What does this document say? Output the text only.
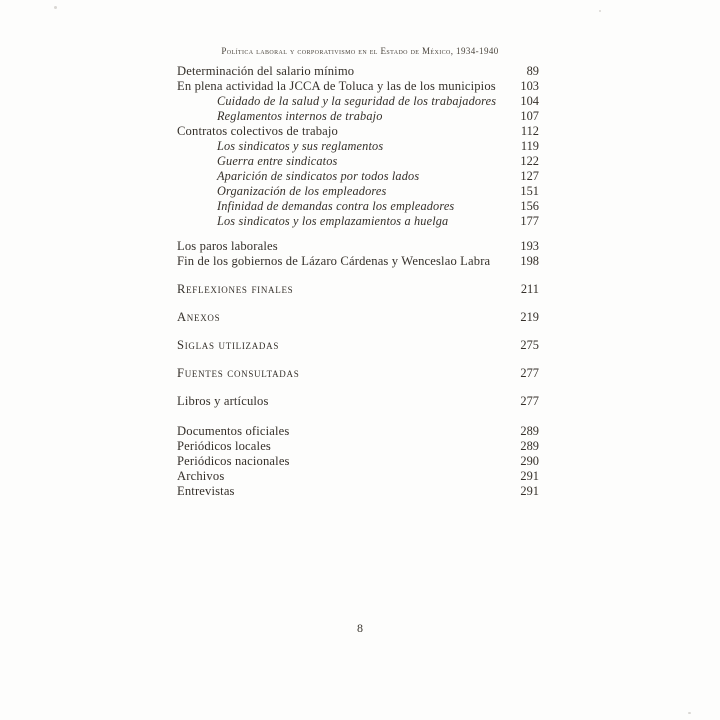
Política laboral y corporativismo en el Estado de México, 1934-1940
Determinación del salario mínimo	89
En plena actividad la JCCA de Toluca y las de los municipios	103
Cuidado de la salud y la seguridad de los trabajadores	104
Reglamentos internos de trabajo	107
Contratos colectivos de trabajo	112
Los sindicatos y sus reglamentos	119
Guerra entre sindicatos	122
Aparición de sindicatos por todos lados	127
Organización de los empleadores	151
Infinidad de demandas contra los empleadores	156
Los sindicatos y los emplazamientos a huelga	177
Los paros laborales	193
Fin de los gobiernos de Lázaro Cárdenas y Wenceslao Labra	198
Reflexiones finales	211
Anexos	219
Siglas utilizadas	275
Fuentes consultadas	277
Libros y artículos	277
Documentos oficiales	289
Periódicos locales	289
Periódicos nacionales	290
Archivos	291
Entrevistas	291
8
